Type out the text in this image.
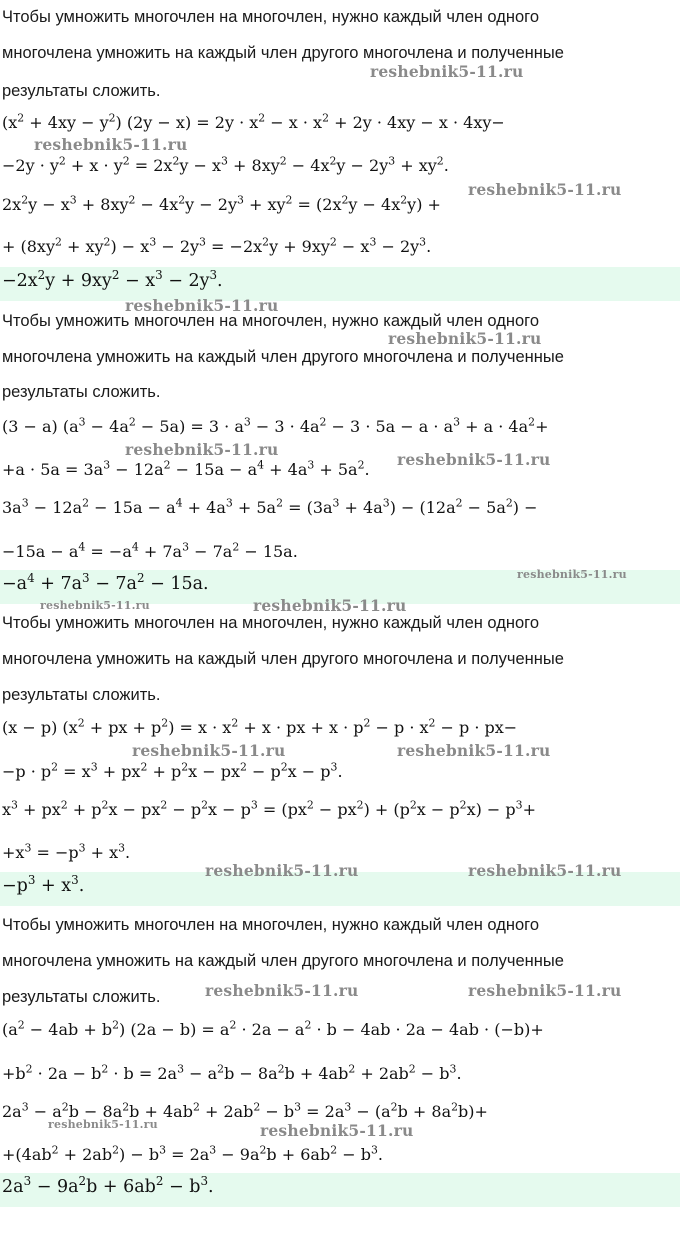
Чтобы умножить многочлен на многочлен, нужно каждый член одного
многочлена умножить на каждый член другого многочлена и полученные
результаты сложить.
$(x^2 + 4xy - y^2) (2y - x) = 2y \cdot x^2 - x \cdot x^2 + 2y \cdot 4xy - x \cdot 4xy-$
$-2y \cdot y^2 + x \cdot y^2 = 2x^2y - x^3 + 8xy^2 - 4x^2y - 2y^3 + xy^2$.
$2x^2y - x^3 + 8xy^2 - 4x^2y - 2y^3 + xy^2 = (2x^2y - 4x^2y)$ +
+ $(8xy^2 + xy^2) - x^3 - 2y^3 = -2x^2y + 9xy^2 - x^3 - 2y^3$.
$-2x^2y + 9xy^2 - x^3 - 2y^3$.
Чтобы умножить многочлен на многочлен, нужно каждый член одного
многочлена умножить на каждый член другого многочлена и полученные
результаты сложить.
(3 − a) $(a^3 - 4a^2 - 5a) = 3 \cdot a^3 - 3 \cdot 4a^2 - 3 \cdot 5a - a \cdot a^3 + a \cdot 4a^2+$
$+a \cdot 5a = 3a^3 - 12a^2 - 15a - a^4 + 4a^3 + 5a^2$.
$3a^3 - 12a^2 - 15a - a^4 + 4a^3 + 5a^2 = (3a^3 + 4a^3) - (12a^2 - 5a^2)$ −
$-15a - a^4 = -a^4 + 7a^3 - 7a^2 - 15a$.
$-a^4 + 7a^3 - 7a^2 - 15a$.
Чтобы умножить многочлен на многочлен, нужно каждый член одного
многочлена умножить на каждый член другого многочлена и полученные
результаты сложить.
(x − p) ($x^2$ + px + $p^2) = x \cdot x^2 + x$ · px + $x \cdot p^2 - p \cdot x^2 - p \cdot px-$
$-p \cdot p^2 = x^3 + px^2 + p^2x - px^2 - p^2x - p^3$.
$x^3 + px^2 + p^2x - px^2 - p^2x - p^3 = (px^2 - px^2) + (p^2x - p^2x) - p^3+$
$+x^3 = -p^3 + x^3$.
$-p^3 + x^3$.
Чтобы умножить многочлен на многочлен, нужно каждый член одного
многочлена умножить на каждый член другого многочлена и полученные
результаты сложить.
$(a^2 - 4ab + b^2) (2a - b) = a^2 \cdot 2a - a^2 \cdot b - 4ab \cdot 2a - 4ab \cdot (-b)+$
$+b^2 \cdot 2a - b^2 \cdot b = 2a^3 - a^2b - 8a^2b + 4ab^2 + 2ab^2 - b^3$.
$2a^3 - a^2b - 8a^2b + 4ab^2 + 2ab^2 - b^3 = 2a^3 - (a^2b + 8a^2b)+$
$+(4ab^2 + 2ab^2) - b^3 = 2a^3 - 9a^2b + 6ab^2 - b^3$.
$2a^3 - 9a^2b + 6ab^2 - b^3$.
reshebnik5-11.ru
reshebnik5-11.ru
reshebnik5-11.ru
reshebnik5-11.ru
reshebnik5-11.ru
reshebnik5-11.ru
reshebnik5-11.ru
reshebnik5-11.ru
reshebnik5-11.ru	reshebnik5-11.ru
reshebnik5-11.ru	reshebnik5-11.ru
reshebnik5-11.ru	reshebnik5-11.ru
reshebnik5-11.ru	reshebnik5-11.ru
reshebnik5-11.ru	reshebnik5-11.ru
